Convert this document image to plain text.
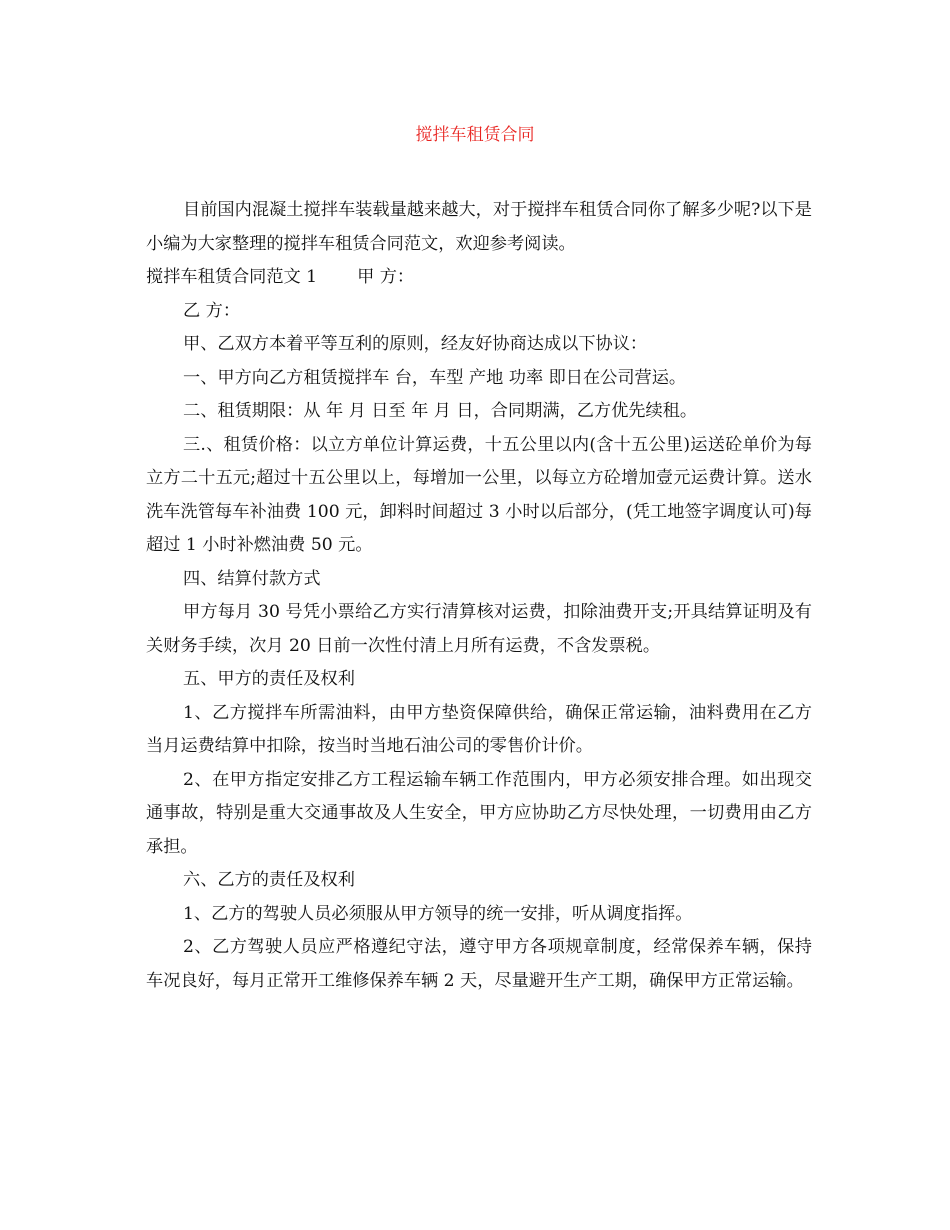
搅拌车租赁合同

目前国内混凝土搅拌车装载量越来越大，对于搅拌车租赁合同你了解多少呢?以下是小编为大家整理的搅拌车租赁合同范文，欢迎参考阅读。

搅拌车租赁合同范文 1 甲 方：

乙 方：

甲、乙双方本着平等互利的原则，经友好协商达成以下协议：

一、甲方向乙方租赁搅拌车 台，车型 产地 功率 即日在公司营运。

二、租赁期限：从 年 月 日至 年 月 日，合同期满，乙方优先续租。

三.、租赁价格：以立方单位计算运费，十五公里以内(含十五公里)运送砼单价为每立方二十五元;超过十五公里以上，每增加一公里，以每立方砼增加壹元运费计算。送水洗车洗管每车补油费 100 元，卸料时间超过 3 小时以后部分，(凭工地签字调度认可)每超过 1 小时补燃油费 50 元。

四、结算付款方式

甲方每月 30 号凭小票给乙方实行清算核对运费，扣除油费开支;开具结算证明及有关财务手续，次月 20 日前一次性付清上月所有运费，不含发票税。

五、甲方的责任及权利

1、乙方搅拌车所需油料，由甲方垫资保障供给，确保正常运输，油料费用在乙方当月运费结算中扣除，按当时当地石油公司的零售价计价。

2、在甲方指定安排乙方工程运输车辆工作范围内，甲方必须安排合理。如出现交通事故，特别是重大交通事故及人生安全，甲方应协助乙方尽快处理，一切费用由乙方承担。

六、乙方的责任及权利

1、乙方的驾驶人员必须服从甲方领导的统一安排，听从调度指挥。

2、乙方驾驶人员应严格遵纪守法，遵守甲方各项规章制度，经常保养车辆，保持车况良好，每月正常开工维修保养车辆 2 天，尽量避开生产工期，确保甲方正常运输。
